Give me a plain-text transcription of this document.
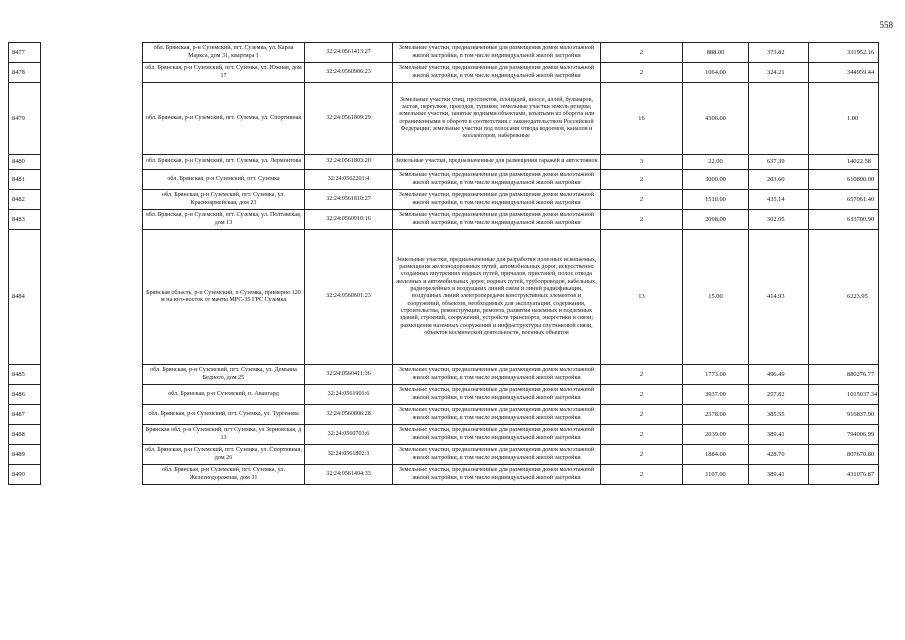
558
8477		обл. Брянская, р-н Суземский, пгт. Суземка, ул. Карла Маркса, дом 31, квартира 1	32:24:0561413:27	Земельные участки, предназначенные для размещения домов малоэтажной жилой застройки, в том числе индивидуальной жилой застройки	2	888.00	373.82	331952.16
8478		обл. Брянская, р-н Суземский, пгт. Суземка, ул. Южная, дом 17	32:24:0560906:23	Земельные участки, предназначенные для размещения домов малоэтажной жилой застройки, в том числе индивидуальной жилой застройки	2	1064.00	324.21	344959.44
8479		обл. Брянская, р-н Суземский, пгт. Суземка, ул. Спортивная	32:24:0561809:29	Земельные участки улиц, проспектов, площадей, шоссе, аллей, бульваров, застав, переулков, проездов, тупиков; земельные участки земель резерва; земельные участки, занятые водными объектами, изъятыми из оборота или ограниченными в обороте в соответствии с законодательством Российской Федерации; земельные участки под полосами отвода водоемов, каналов и коллекторов, набережные	16	4306.00		1.00
8480		обл. Брянская, р-н Суземский, пгт. Суземка, ул. Лермонтова	32:24:0561803:20	Земельные участки, предназначенные для размещения гаражей и автостоянок	3	22.00	637.39	14022.58
8481		обл. Брянская, р-н Суземский, пгт. Суземка	32:24:0562201:4	Земельные участки, предназначенные для размещения домов малоэтажной жилой застройки, в том числе индивидуальной жилой застройки	2	3000.00	203.60	610800.00
8482		обл. Брянская, р-н Суземский, пгт. Суземка, ул. Красноармейская, дом 23	32:24:0561810:27	Земельные участки, предназначенные для размещения домов малоэтажной жилой застройки, в том числе индивидуальной жилой застройки	2	1510.00	435.14	657061.40
8483		обл. Брянская, р-н Суземский, пгт. Суземка, ул. Полтавская, дом 13	32:24:0560910:16	Земельные участки, предназначенные для размещения домов малоэтажной жилой застройки, в том числе индивидуальной жилой застройки	2	2098.00	302.05	633700.90
8484		Брянская область, р-н Суземский, п Суземка, примерно 120 м на юго-восток от мачты МРС-35 ГРС Суземка	32:24:0560601:23	Земельные участки, предназначенные для разработки полезных ископаемых, размещения железнодорожных путей, автомобильных дорог, искусственно созданных внутренних водных путей, причалов, пристаней, полос отвода железных и автомобильных дорог, водных путей, трубопроводов, кабельных, радиорелейных и воздушных линий связи и линий радиофикации, воздушных линий электропередачи конструктивных элементов и сооружений, объектов, необходимых для эксплуатации, содержания, строительства, реконструкции, ремонта, развития наземных и подземных зданий, строений, сооружений, устройств транспорта, энергетики и связи; размещения наземных сооружений и инфраструктуры спутниковой связи, объектов космической деятельности, военных объектов	13	15.00	414.93	6223.95
8485		обл. Брянская, р-н Суземский, пгт. Суземка, ул. Демьяна Бедного, дом 25	32:24:0560411:36	Земельные участки, предназначенные для размещения домов малоэтажной жилой застройки, в том числе индивидуальной жилой застройки	2	1773.00	496.49	880276.77
8486		обл. Брянская, р-н Суземский, п. Авангард	32:24:0561901:6	Земельные участки, предназначенные для размещения домов малоэтажной жилой застройки, в том числе индивидуальной жилой застройки	2	3937.00	257.82	1015037.34
8487		обл. Брянская, р-н Суземский, пгт. Суземка, ул. Тургенева	32:24:0560806:28	Земельные участки, предназначенные для размещения домов малоэтажной жилой застройки, в том числе индивидуальной жилой застройки	2	2378.00	385.55	916837.90
8488		Брянская обл, р-н Суземский, пгт Суземка, ул Зерновская, д 13	32:24:0560703:6	Земельные участки, предназначенные для размещения домов малоэтажной жилой застройки, в том числе индивидуальной жилой застройки	2	2039.00	389.41	794006.99
8489		обл. Брянская, р-н Суземский, пгт. Суземка, ул. Спортивная, дом 26	32:24:0561802:3	Земельные участки, предназначенные для размещения домов малоэтажной жилой застройки, в том числе индивидуальной жилой застройки	2	1884.00	428.70	807670.80
8490		обл. Брянская, р-н Суземский, пгт. Суземка, ул. Железнодорожная, дом 31	32:24:0561404:33	Земельные участки, предназначенные для размещения домов малоэтажной жилой застройки, в том числе индивидуальной жилой застройки	2	1107.00	389.41	431076.87
